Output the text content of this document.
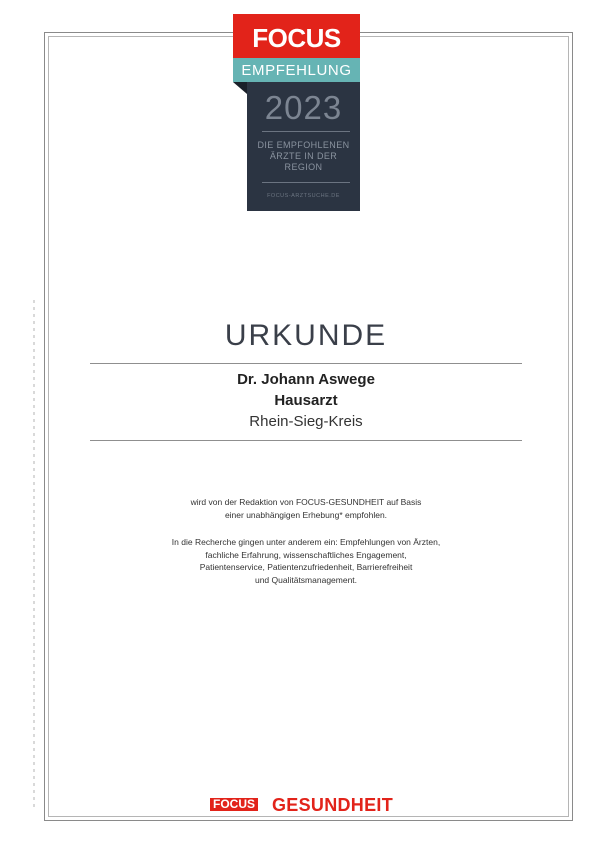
FOCUS
EMPFEHLUNG
2023
DIE EMPFOHLENEN
ÄRZTE IN DER
REGION
FOCUS-ARZTSUCHE.DE
URKUNDE
Dr. Johann Aswege
Hausarzt
Rhein-Sieg-Kreis
wird von der Redaktion von FOCUS-GESUNDHEIT auf Basis
einer unabhängigen Erhebung* empfohlen.
In die Recherche gingen unter anderem ein: Empfehlungen von Ärzten,
fachliche Erfahrung, wissenschaftliches Engagement,
Patientenservice, Patientenzufriedenheit, Barrierefreiheit
und Qualitätsmanagement.
FOCUS GESUNDHEIT
